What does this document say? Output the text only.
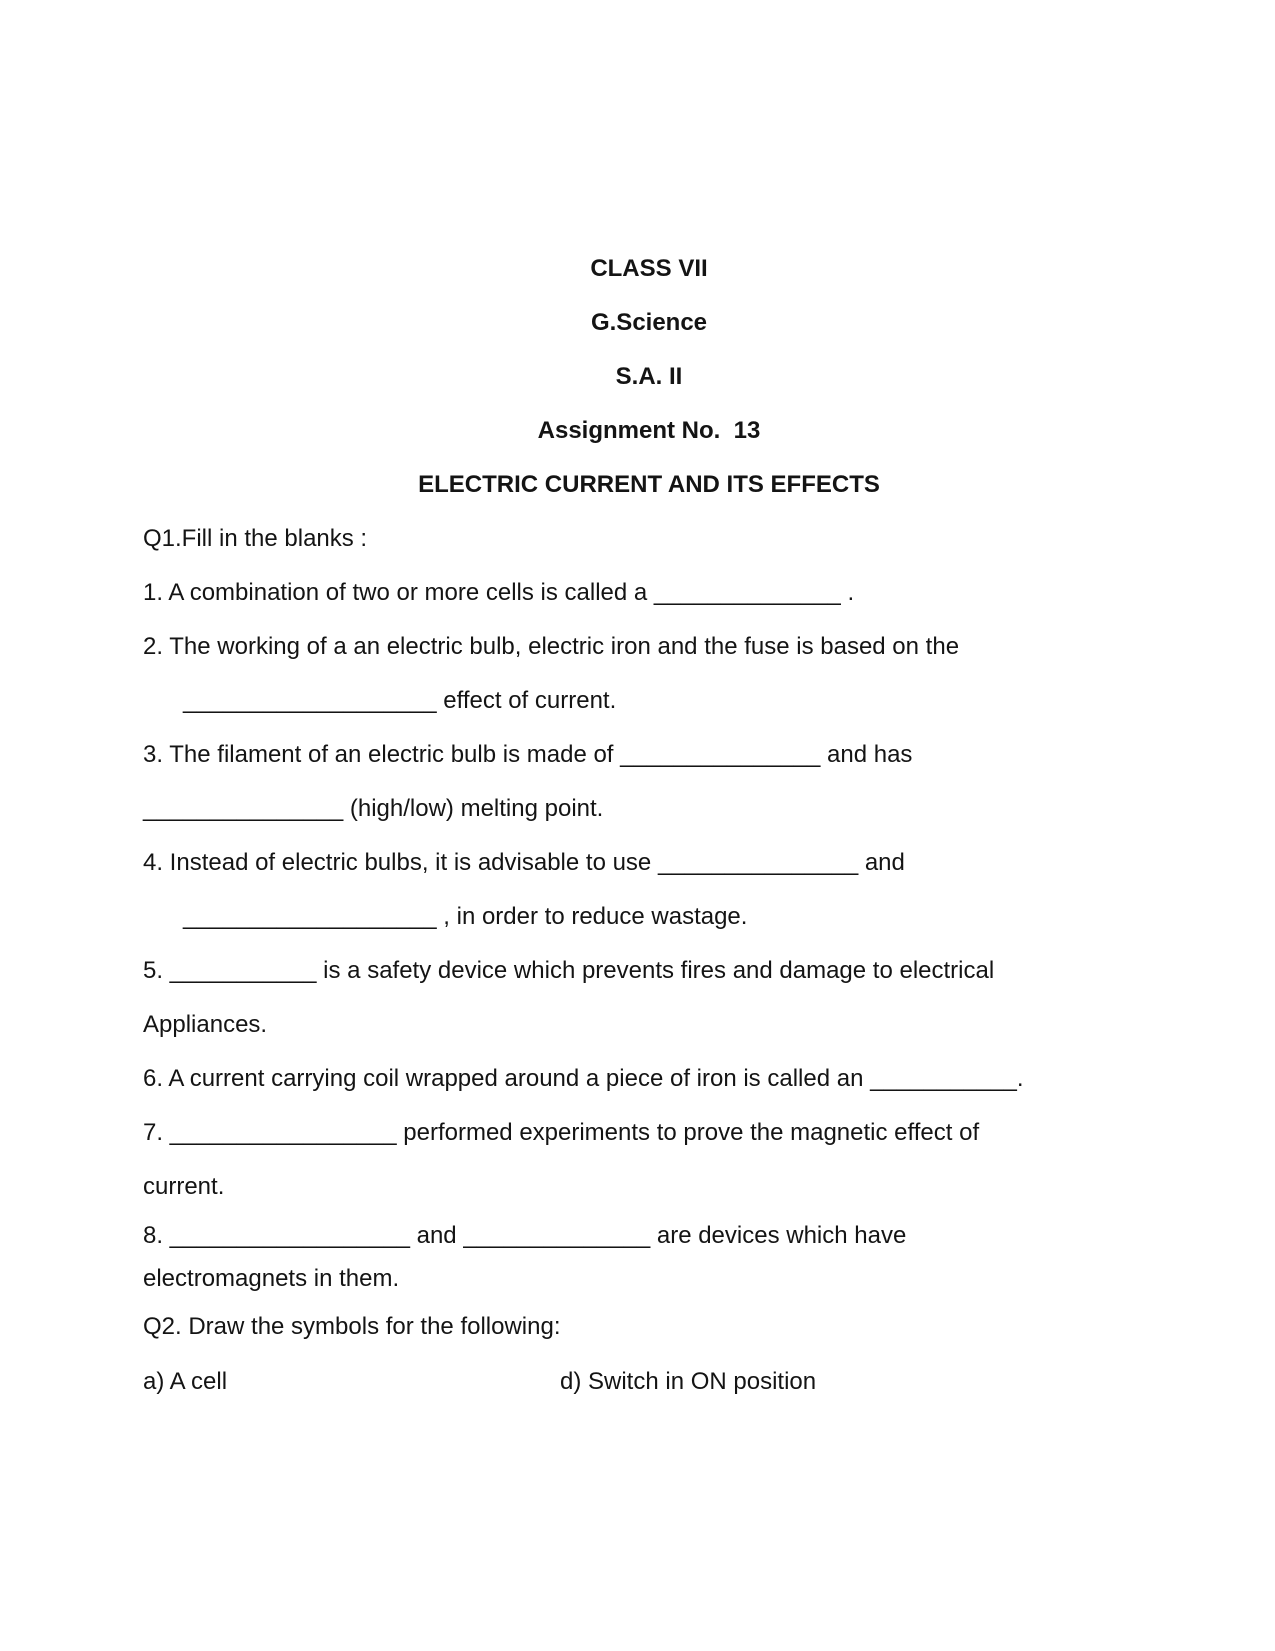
CLASS VII

G.Science

S.A. II

Assignment No.  13

ELECTRIC CURRENT AND ITS EFFECTS

Q1.Fill in the blanks :

1. A combination of two or more cells is called a ______________ .

2. The working of a an electric bulb, electric iron and the fuse is based on the

___________________ effect of current.

3. The filament of an electric bulb is made of _______________ and has

_______________ (high/low) melting point.

4. Instead of electric bulbs, it is advisable to use _______________ and

___________________ , in order to reduce wastage.

5. ___________ is a safety device which prevents fires and damage to electrical

Appliances.

6. A current carrying coil wrapped around a piece of iron is called an ___________.

7. _________________ performed experiments to prove the magnetic effect of

current.

8. __________________ and ______________ are devices which have

electromagnets in them.

Q2. Draw the symbols for the following:

a) A cell	d) Switch in ON position
